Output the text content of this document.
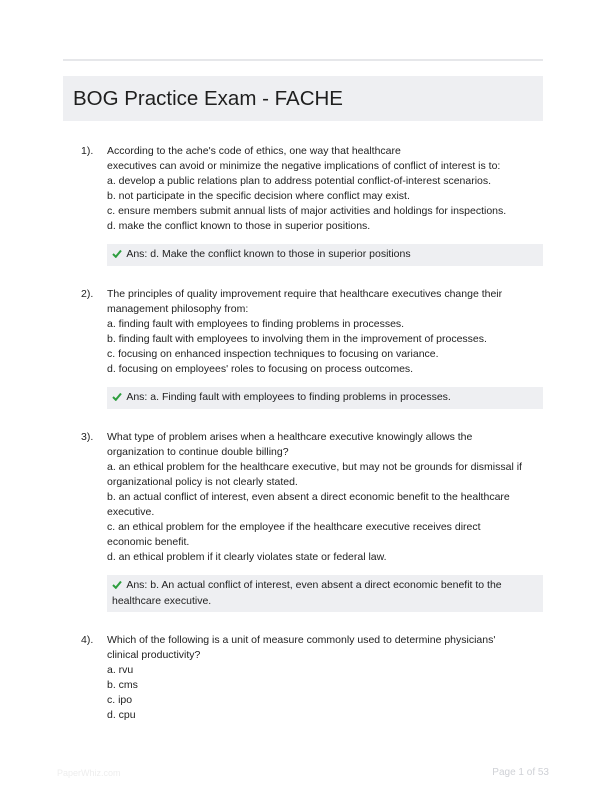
BOG Practice Exam - FACHE
1). According to the ache's code of ethics, one way that healthcare

executives can avoid or minimize the negative implications of conflict of interest is to:

a. develop a public relations plan to address potential conflict-of-interest scenarios.

b. not participate in the specific decision where conflict may exist.

c. ensure members submit annual lists of major activities and holdings for inspections.

d. make the conflict known to those in superior positions.

Ans: d. Make the conflict known to those in superior positions
2). The principles of quality improvement require that healthcare executives change their

management philosophy from:

a. finding fault with employees to finding problems in processes.

b. finding fault with employees to involving them in the improvement of processes.

c. focusing on enhanced inspection techniques to focusing on variance.

d. focusing on employees' roles to focusing on process outcomes.

Ans: a. Finding fault with employees to finding problems in processes.
3). What type of problem arises when a healthcare executive knowingly allows the

organization to continue double billing?

a. an ethical problem for the healthcare executive, but may not be grounds for dismissal if

organizational policy is not clearly stated.

b. an actual conflict of interest, even absent a direct economic benefit to the healthcare

executive.

c. an ethical problem for the employee if the healthcare executive receives direct

economic benefit.

d. an ethical problem if it clearly violates state or federal law.

Ans: b. An actual conflict of interest, even absent a direct economic benefit to the
healthcare executive.
4). Which of the following is a unit of measure commonly used to determine physicians'

clinical productivity?

a. rvu

b. cms

c. ipo

d. cpu

PaperWhiz.com	Page 1 of 53
